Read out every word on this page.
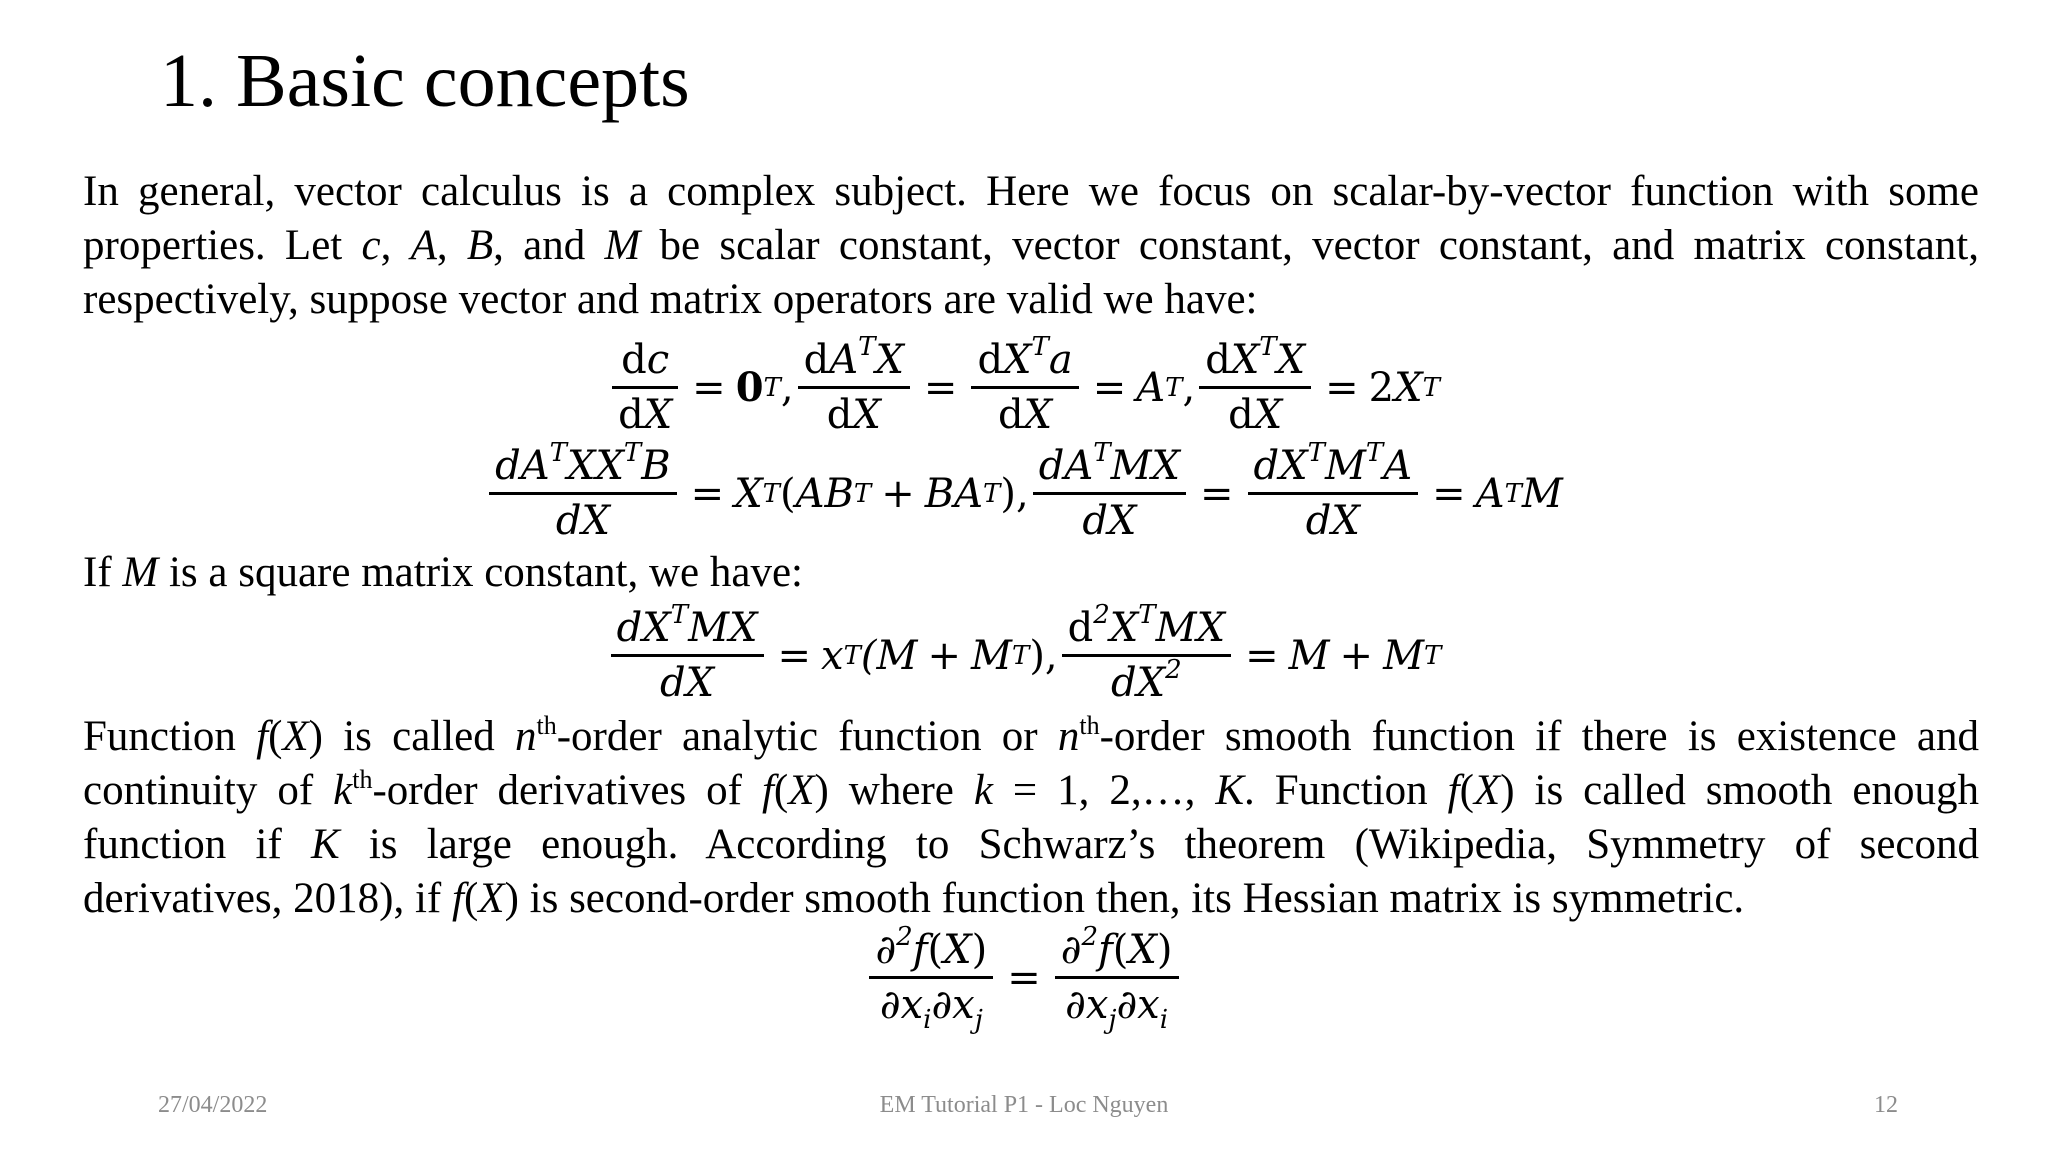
1. Basic concepts
In general, vector calculus is a complex subject. Here we focus on scalar-by-vector function with some
properties. Let c, A, B, and M be scalar constant, vector constant, vector constant, and matrix constant,
respectively, suppose vector and matrix operators are valid we have:
$\frac{dc}{dX} = 0$ T , $\frac{dA^TX}{dX} = \frac{dX^Ta}{dX} = A$ T , $\frac{dX^TX}{dX} = 2$ X T
$\frac{dA^TXX^TB}{dX} = X$ T ( AB T + BA T ) , $\frac{dA^TMX}{dX} = \frac{dX^TM^TA}{dX} = A$ T M
If M is a square matrix constant, we have:
$\frac{dX^TMX}{dX} = x$ T (M + M T ) , $\frac{d^2X^TMX}{dX^2} = M + M$ T
Function f(X) is called $n^{th}$-order analytic function or $n^{th}$-order smooth function if there is existence and
continuity of $k^{th}$-order derivatives of f(X) where k = 1, 2,…, K. Function f(X) is called smooth enough
function if K is large enough. According to Schwarz’s theorem (Wikipedia, Symmetry of second
derivatives, 2018), if f(X) is second-order smooth function then, its Hessian matrix is symmetric.
$\frac{\partial^2f(X)}{\partial x_i\partial x_j} = \frac{\partial^2f(X)}{\partial x_j\partial x_i}$
27/04/2022	EM Tutorial P1 - Loc Nguyen	12
